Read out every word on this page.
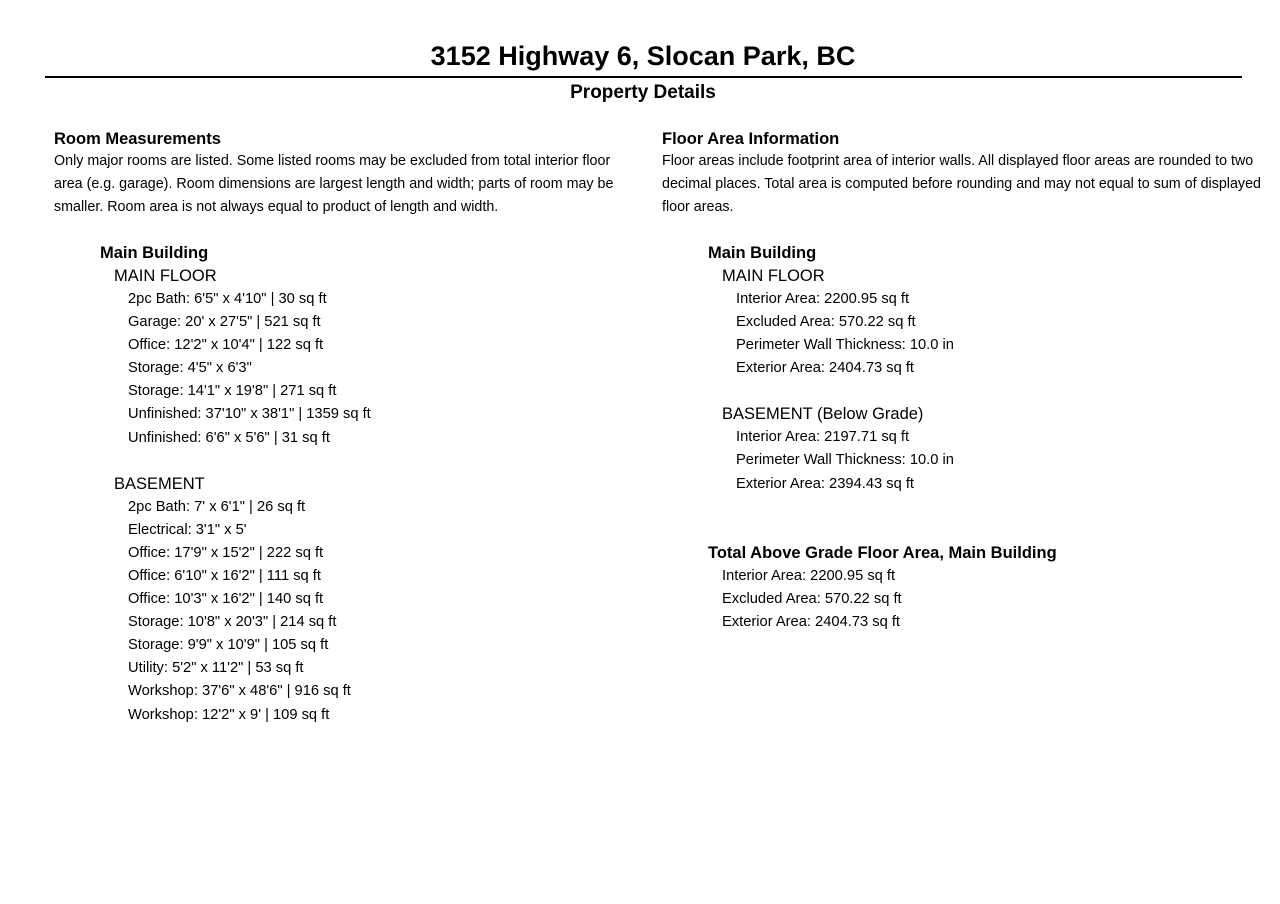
3152 Highway 6, Slocan Park, BC
Property Details

Room Measurements

Only major rooms are listed. Some listed rooms may be excluded from total interior floor area (e.g. garage). Room dimensions are largest length and width; parts of room may be smaller. Room area is not always equal to product of length and width.

Main Building
MAIN FLOOR
2pc Bath: 6'5" x 4'10" | 30 sq ft
Garage: 20' x 27'5" | 521 sq ft
Office: 12'2" x 10'4" | 122 sq ft
Storage: 4'5" x 6'3"
Storage: 14'1" x 19'8" | 271 sq ft
Unfinished: 37'10" x 38'1" | 1359 sq ft
Unfinished: 6'6" x 5'6" | 31 sq ft
BASEMENT
2pc Bath: 7' x 6'1" | 26 sq ft
Electrical: 3'1" x 5'
Office: 17'9" x 15'2" | 222 sq ft
Office: 6'10" x 16'2" | 111 sq ft
Office: 10'3" x 16'2" | 140 sq ft
Storage: 10'8" x 20'3" | 214 sq ft
Storage: 9'9" x 10'9" | 105 sq ft
Utility: 5'2" x 11'2" | 53 sq ft
Workshop: 37'6" x 48'6" | 916 sq ft
Workshop: 12'2" x 9' | 109 sq ft

Floor Area Information

Floor areas include footprint area of interior walls. All displayed floor areas are rounded to two decimal places. Total area is computed before rounding and may not equal to sum of displayed floor areas.

Main Building
MAIN FLOOR
Interior Area: 2200.95 sq ft
Excluded Area: 570.22 sq ft
Perimeter Wall Thickness: 10.0 in
Exterior Area: 2404.73 sq ft
BASEMENT (Below Grade)
Interior Area: 2197.71 sq ft
Perimeter Wall Thickness: 10.0 in
Exterior Area: 2394.43 sq ft
Total Above Grade Floor Area, Main Building
Interior Area: 2200.95 sq ft
Excluded Area: 570.22 sq ft
Exterior Area: 2404.73 sq ft
